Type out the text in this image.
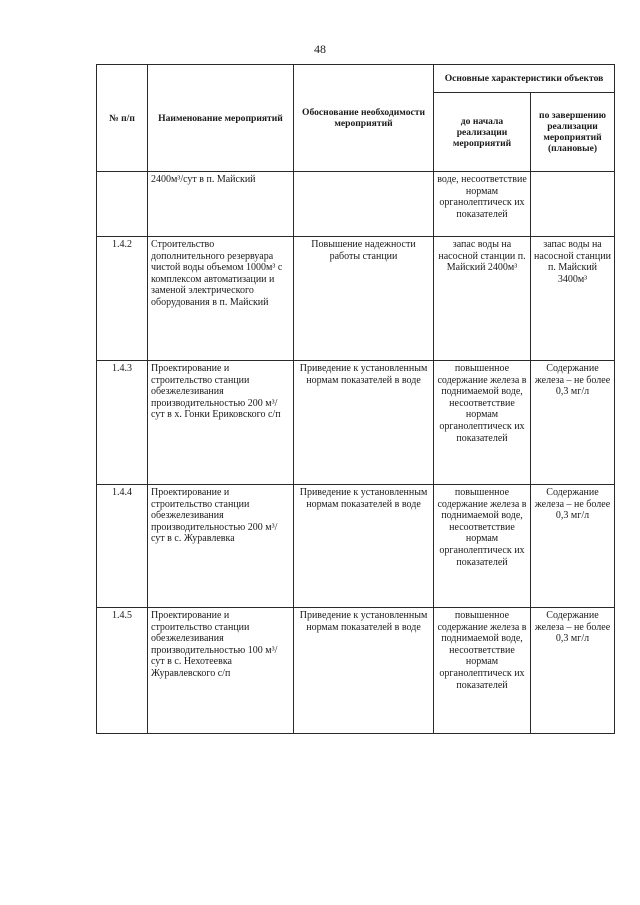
48
№ п/п	Наименование мероприятий	Обоснование необходимости мероприятий	Основные характеристики объектов	
			до начала реализации мероприятий	по завершению реализации мероприятий (плановые)
	2400м³/сут в п. Майский		воде, несоответствие нормам органолептическ их показателей	
1.4.2	Строительство дополнительного резервуара чистой воды объемом 1000м³ с комплексом автоматизации и заменой электрического оборудования в п. Майский	Повышение надежности работы станции	запас воды на насосной станции п. Майский 2400м³	запас воды на насосной станции п. Майский 3400м³
1.4.3	Проектирование и строительство станции обезжелезивания производительностью 200 м³/сут в х. Гонки Ериковского с/п	Приведение к установленным нормам показателей в воде	повышенное содержание железа в поднимаемой воде, несоответствие нормам органолептическ их показателей	Содержание железа – не более 0,3 мг/л
1.4.4	Проектирование и строительство станции обезжелезивания производительностью 200 м³/сут в с. Журавлевка	Приведение к установленным нормам показателей в воде	повышенное содержание железа в поднимаемой воде, несоответствие нормам органолептическ их показателей	Содержание железа – не более 0,3 мг/л
1.4.5	Проектирование и строительство станции обезжелезивания производительностью 100 м³/сут в с. Нехотеевка Журавлевского с/п	Приведение к установленным нормам показателей в воде	повышенное содержание железа в поднимаемой воде, несоответствие нормам органолептическ их показателей	Содержание железа – не более 0,3 мг/л
